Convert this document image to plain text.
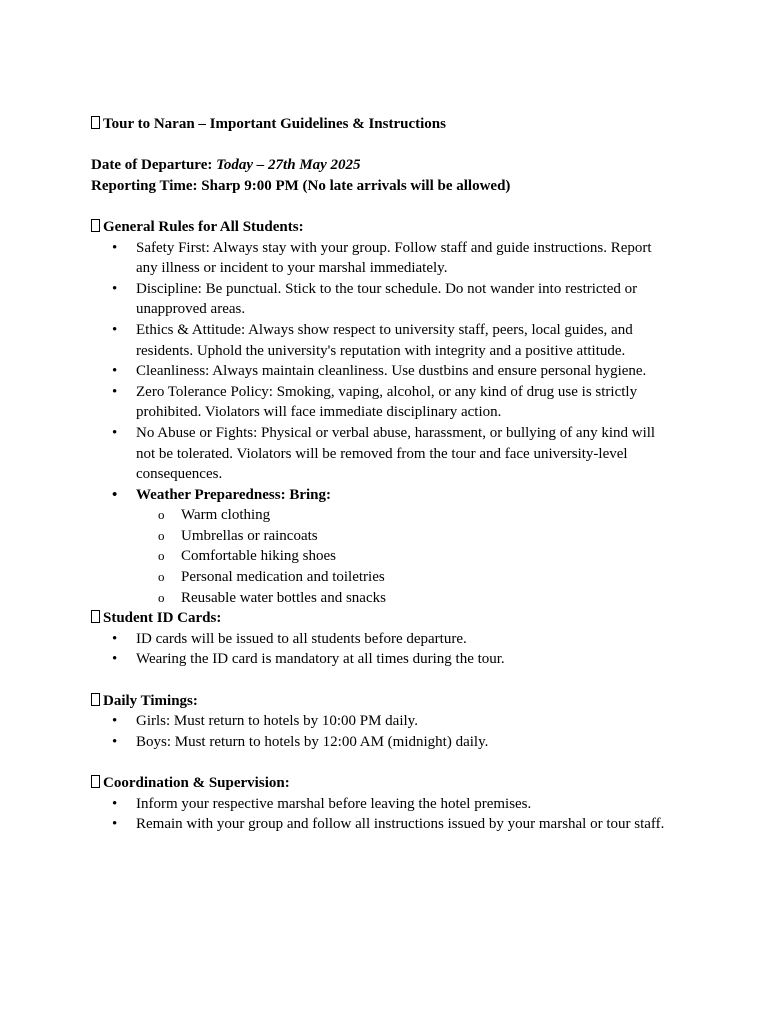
Tour to Naran – Important Guidelines & Instructions

Date of Departure: Today – 27th May 2025

Reporting Time: Sharp 9:00 PM (No late arrivals will be allowed)

General Rules for All Students:

• Safety First: Always stay with your group. Follow staff and guide instructions. Report any illness or incident to your marshal immediately.
• Discipline: Be punctual. Stick to the tour schedule. Do not wander into restricted or unapproved areas.
• Ethics & Attitude: Always show respect to university staff, peers, local guides, and residents. Uphold the university's reputation with integrity and a positive attitude.
• Cleanliness: Always maintain cleanliness. Use dustbins and ensure personal hygiene.
• Zero Tolerance Policy: Smoking, vaping, alcohol, or any kind of drug use is strictly prohibited. Violators will face immediate disciplinary action.
• No Abuse or Fights: Physical or verbal abuse, harassment, or bullying of any kind will not be tolerated. Violators will be removed from the tour and face university-level consequences.
• Weather Preparedness: Bring:
o Warm clothing
o Umbrellas or raincoats
o Comfortable hiking shoes
o Personal medication and toiletries
o Reusable water bottles and snacks

Student ID Cards:

• ID cards will be issued to all students before departure.
• Wearing the ID card is mandatory at all times during the tour.

Daily Timings:

• Girls: Must return to hotels by 10:00 PM daily.
• Boys: Must return to hotels by 12:00 AM (midnight) daily.

Coordination & Supervision:

• Inform your respective marshal before leaving the hotel premises.
• Remain with your group and follow all instructions issued by your marshal or tour staff.
